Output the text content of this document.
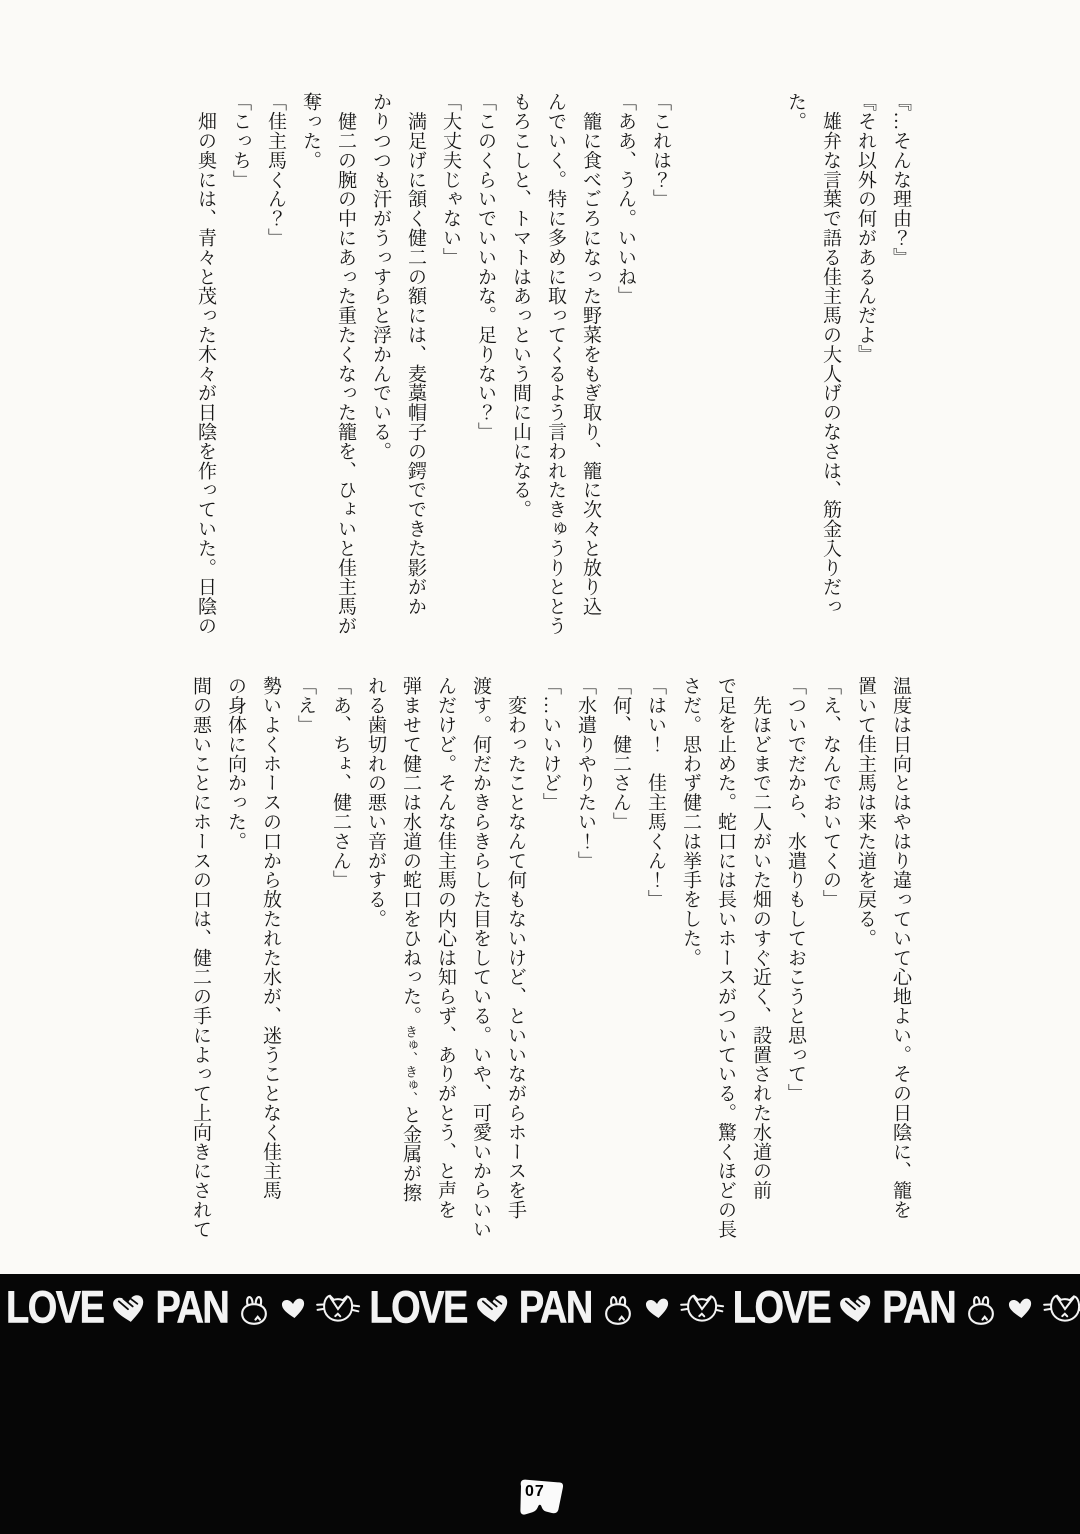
『…そんな理由？』

『それ以外の何があるんだよ』

　雄弁な言葉で語る佳主馬の大人げのなさは、筋金入りだっ

た。

「これは？」

「ああ、うん。いいね」

　籠に食べごろになった野菜をもぎ取り、籠に次々と放り込

んでいく。特に多めに取ってくるよう言われたきゅうりととう

もろこしと、トマトはあっという間に山になる。

「このくらいでいいかな。足りない？」

「大丈夫じゃない」

　満足げに頷く健二の額には、麦藁帽子の鍔でできた影がか

かりつつも汗がうっすらと浮かんでいる。

　健二の腕の中にあった重たくなった籠を、ひょいと佳主馬が

奪った。

「佳主馬くん？」

「こっち」

　畑の奥には、青々と茂った木々が日陰を作っていた。日陰の

温度は日向とはやはり違っていて心地よい。その日陰に、籠を

置いて佳主馬は来た道を戻る。

「え、なんでおいてくの」

「ついでだから、水遣りもしておこうと思って」

　先ほどまで二人がいた畑のすぐ近く、設置された水道の前

で足を止めた。蛇口には長いホースがついている。驚くほどの長

さだ。思わず健二は挙手をした。

「はい！　佳主馬くん！」

「何、健二さん」

「水遣りやりたい！」

「…いいけど」

　変わったことなんて何もないけど、といいながらホースを手

渡す。何だかきらきらした目をしている。いや、可愛いからいい

んだけど。そんな佳主馬の内心は知らず、ありがとう、と声を

弾ませて健二は水道の蛇口をひねった。きゅ、きゅ、と金属が擦

れる歯切れの悪い音がする。

「あ、ちょ、健二さん」

「え」

勢いよくホースの口から放たれた水が、迷うことなく佳主馬

の身体に向かった。

間の悪いことにホースの口は、健二の手によって上向きにされて

LOVE PAN	LOVE PAN	LOVE PAN
07
